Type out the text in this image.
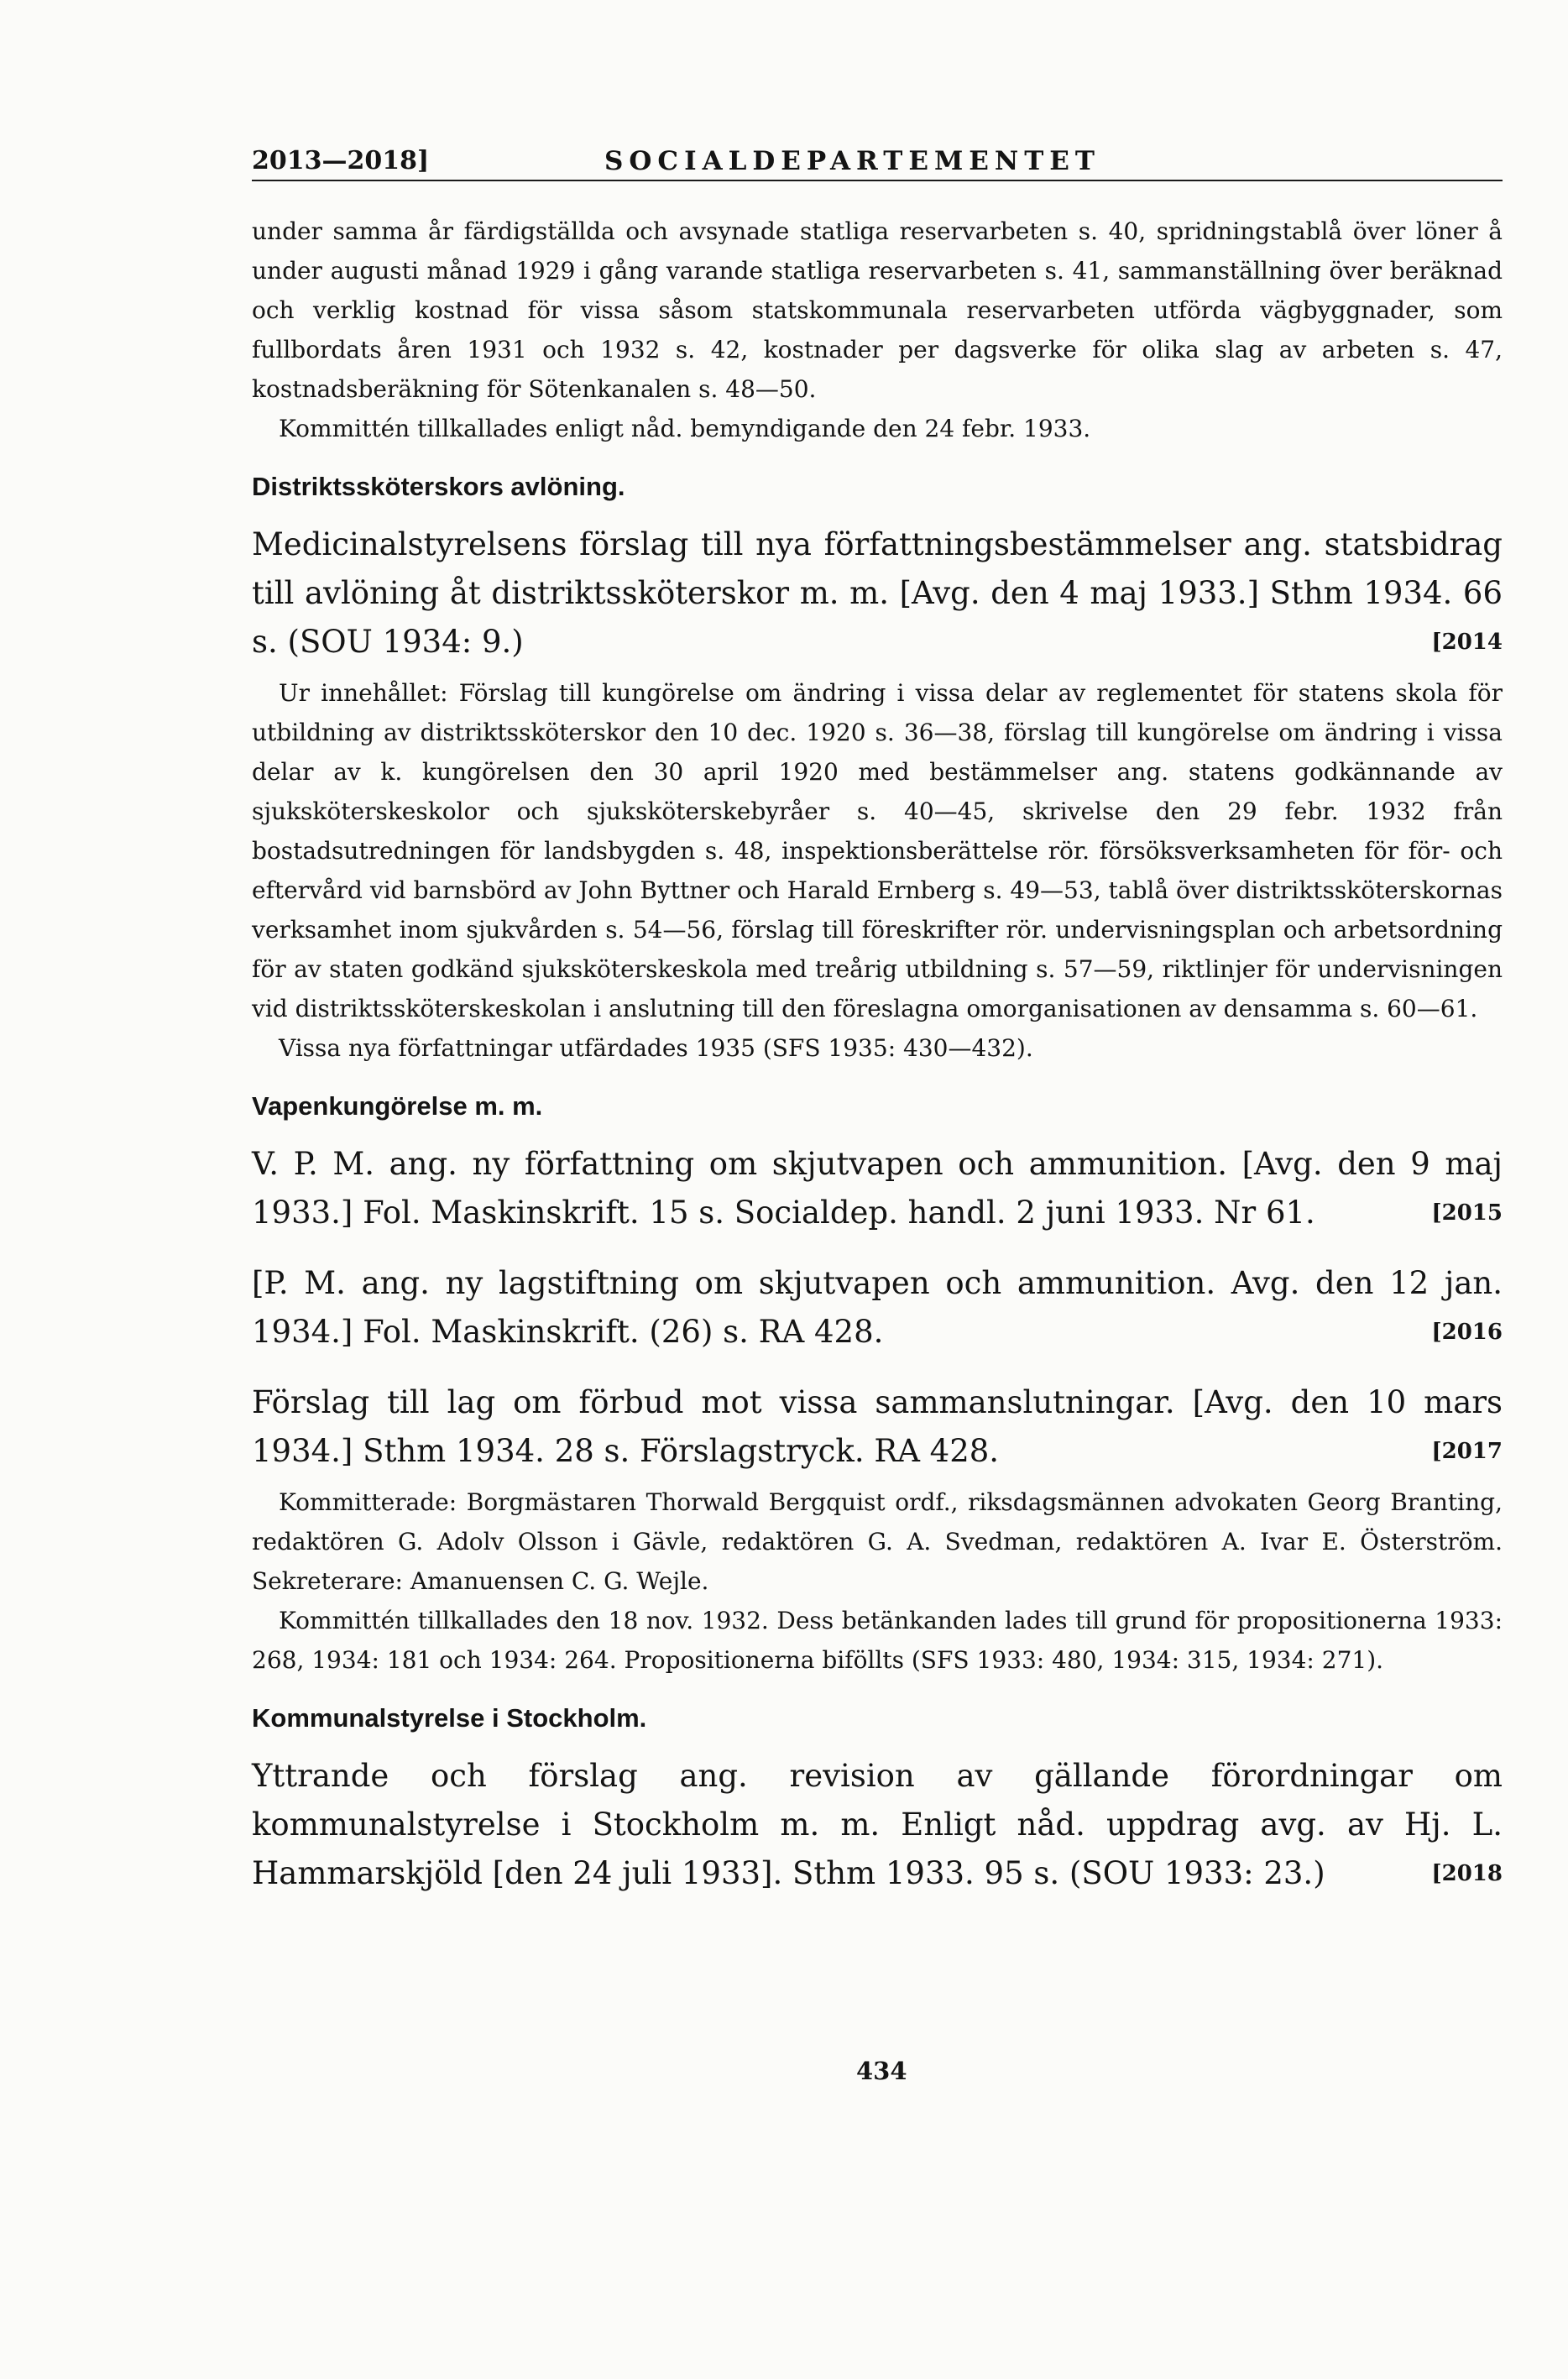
2013—2018]	SOCIALDEPARTEMENTET

under samma år färdigställda och avsynade statliga reservarbeten s. 40, spridningstablå över löner å under augusti månad 1929 i gång varande statliga reservarbeten s. 41, sammanställning över beräknad och verklig kostnad för vissa såsom statskommunala reservarbeten utförda vägbyggnader, som fullbordats åren 1931 och 1932 s. 42, kostnader per dagsverke för olika slag av arbeten s. 47, kostnadsberäkning för Sötenkanalen s. 48—50.

Kommittén tillkallades enligt nåd. bemyndigande den 24 febr. 1933.

Distriktssköterskors avlöning.

Medicinalstyrelsens förslag till nya författningsbestämmelser ang. statsbidrag till avlöning åt distriktssköterskor m. m. [Avg. den 4 maj 1933.] Sthm 1934. 66 s. (SOU 1934: 9.)	[2014

Ur innehållet: Förslag till kungörelse om ändring i vissa delar av reglementet för statens skola för utbildning av distriktssköterskor den 10 dec. 1920 s. 36—38, förslag till kungörelse om ändring i vissa delar av k. kungörelsen den 30 april 1920 med bestämmelser ang. statens godkännande av sjuksköterskeskolor och sjuksköterskebyråer s. 40—45, skrivelse den 29 febr. 1932 från bostadsutredningen för landsbygden s. 48, inspektionsberättelse rör. försöksverksamheten för för- och eftervård vid barnsbörd av John Byttner och Harald Ernberg s. 49—53, tablå över distriktssköterskornas verksamhet inom sjukvården s. 54—56, förslag till föreskrifter rör. undervisningsplan och arbetsordning för av staten godkänd sjuksköterskeskola med treårig utbildning s. 57—59, riktlinjer för undervisningen vid distriktssköterskeskolan i anslutning till den föreslagna omorganisationen av densamma s. 60—61.

Vissa nya författningar utfärdades 1935 (SFS 1935: 430—432).

Vapenkungörelse m. m.

V. P. M. ang. ny författning om skjutvapen och ammunition. [Avg. den 9 maj 1933.] Fol. Maskinskrift. 15 s. Socialdep. handl. 2 juni 1933. Nr 61.	[2015

[P. M. ang. ny lagstiftning om skjutvapen och ammunition. Avg. den 12 jan. 1934.] Fol. Maskinskrift. (26) s. RA 428.	[2016

Förslag till lag om förbud mot vissa sammanslutningar. [Avg. den 10 mars 1934.] Sthm 1934. 28 s. Förslagstryck. RA 428.	[2017

Kommitterade: Borgmästaren Thorwald Bergquist ordf., riksdagsmännen advokaten Georg Branting, redaktören G. Adolv Olsson i Gävle, redaktören G. A. Svedman, redaktören A. Ivar E. Österström. Sekreterare: Amanuensen C. G. Wejle.

Kommittén tillkallades den 18 nov. 1932. Dess betänkanden lades till grund för propositionerna 1933: 268, 1934: 181 och 1934: 264. Propositionerna biföllts (SFS 1933: 480, 1934: 315, 1934: 271).

Kommunalstyrelse i Stockholm.

Yttrande och förslag ang. revision av gällande förordningar om kommunalstyrelse i Stockholm m. m. Enligt nåd. uppdrag avg. av Hj. L. Hammarskjöld [den 24 juli 1933]. Sthm 1933. 95 s. (SOU 1933: 23.)	[2018
434
